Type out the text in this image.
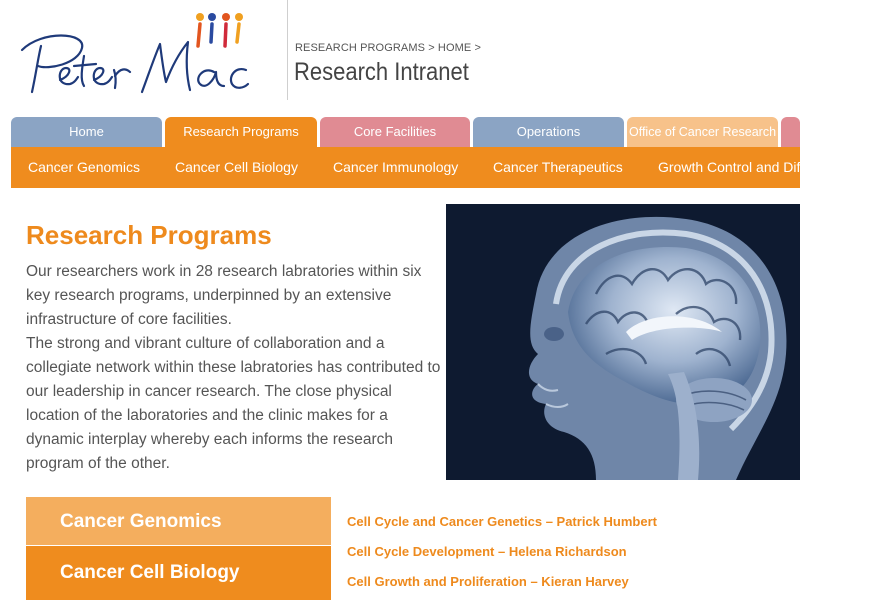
RESEARCH PROGRAMS > HOME >
Research Intranet
Home	Research Programs	Core Facilities	Operations	Office of Cancer Research
Cancer Genomics Cancer Cell Biology	Cancer Immunology Cancer Therapeutics	Growth Control and Differentiation
Research Programs

Our researchers work in 28 research labratories within six key research programs, underpinned by an extensive infrastructure of core facilities.

The strong and vibrant culture of collaboration and a collegiate network within these labratories has contributed to our leadership in cancer research. The close physical location of the laboratories and the clinic makes for a dynamic interplay whereby each informs the research program of the other.

Cancer Genomics
Cancer Cell Biology
Cell Cycle and Cancer Genetics – Patrick Humbert
Cell Cycle Development – Helena Richardson
Cell Growth and Proliferation – Kieran Harvey
